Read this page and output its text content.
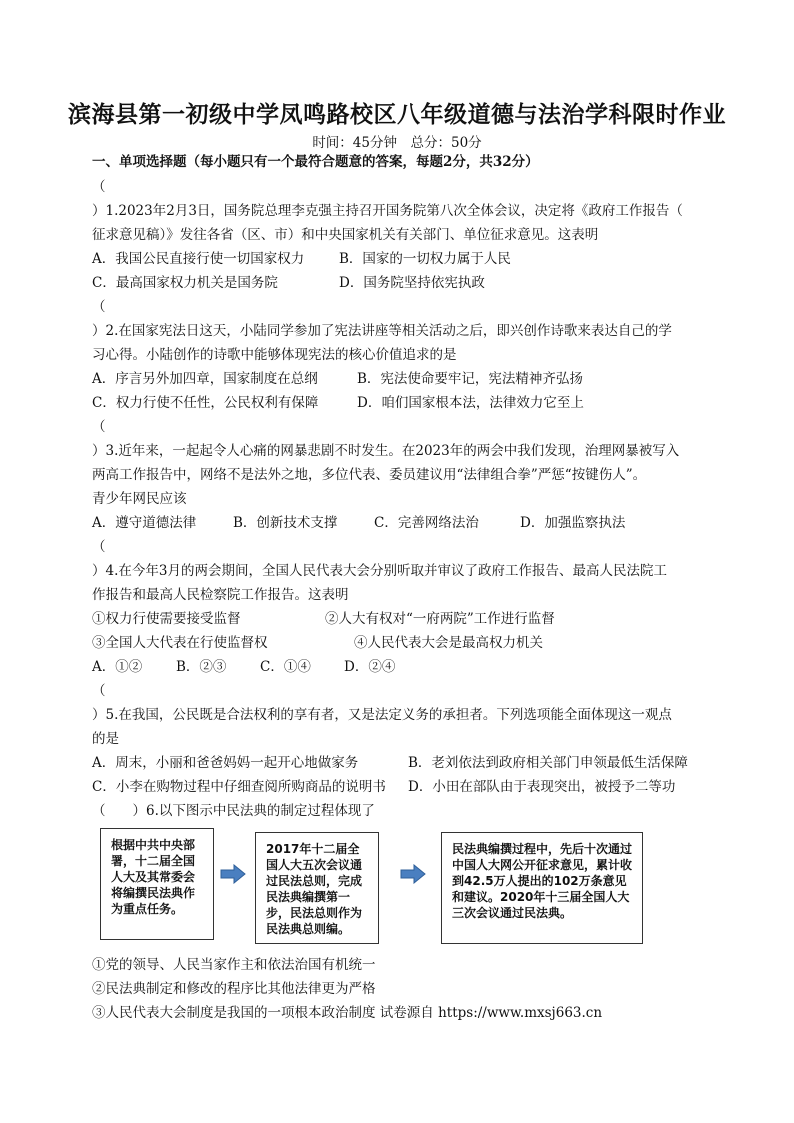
滨海县第一初级中学凤鸣路校区八年级道德与法治学科限时作业
时间：45分钟　总分：50分
一、单项选择题（每小题只有一个最符合题意的答案，每题2分，共32分）
（
）1.2023年2月3日，国务院总理李克强主持召开国务院第八次全体会议，决定将《政府工作报告（
征求意见稿）》发往各省（区、市）和中央国家机关有关部门、单位征求意见。这表明
A．我国公民直接行使一切国家权力	B．国家的一切权力属于人民
C．最高国家权力机关是国务院	D．国务院坚持依宪执政
（
）2.在国家宪法日这天，小陆同学参加了宪法讲座等相关活动之后，即兴创作诗歌来表达自己的学
习心得。小陆创作的诗歌中能够体现宪法的核心价值追求的是
A．序言另外加四章，国家制度在总纲	B．宪法使命要牢记，宪法精神齐弘扬
C．权力行使不任性，公民权利有保障	D．咱们国家根本法，法律效力它至上
（
）3.近年来，一起起令人心痛的网暴悲剧不时发生。在2023年的两会中我们发现，治理网暴被写入
两高工作报告中，网络不是法外之地，多位代表、委员建议用“法律组合拳”严惩“按键伤人”。
青少年网民应该
A．遵守道德法律	B．创新技术支撑	C．完善网络法治	D．加强监察执法
（
）4.在今年3月的两会期间，全国人民代表大会分别听取并审议了政府工作报告、最高人民法院工
作报告和最高人民检察院工作报告。这表明
①权力行使需要接受监督	②人大有权对“一府两院”工作进行监督
③全国人大代表在行使监督权	④人民代表大会是最高权力机关
A．①②	B．②③ C．①④ D．②④
（
）5.在我国，公民既是合法权利的享有者，又是法定义务的承担者。下列选项能全面体现这一观点
的是
A．周末，小丽和爸爸妈妈一起开心地做家务	B．老刘依法到政府相关部门申领最低生活保障
C．小李在购物过程中仔细查阅所购商品的说明书 D．小田在部队由于表现突出，被授予二等功
（　　）6.以下图示中民法典的制定过程体现了
根据中共中央部署，十二届全国人大及其常委会将编撰民法典作为重点任务。
2017年十二届全国人大五次会议通过民法总则，完成民法典编撰第一步，民法总则作为民法典总则编。
民法典编撰过程中，先后十次通过中国人大网公开征求意见，累计收到42.5万人提出的102万条意见和建议。2020年十三届全国人大三次会议通过民法典。
①党的领导、人民当家作主和依法治国有机统一
②民法典制定和修改的程序比其他法律更为严格
③人民代表大会制度是我国的一项根本政治制度 试卷源自 https://www.mxsj663.cn
